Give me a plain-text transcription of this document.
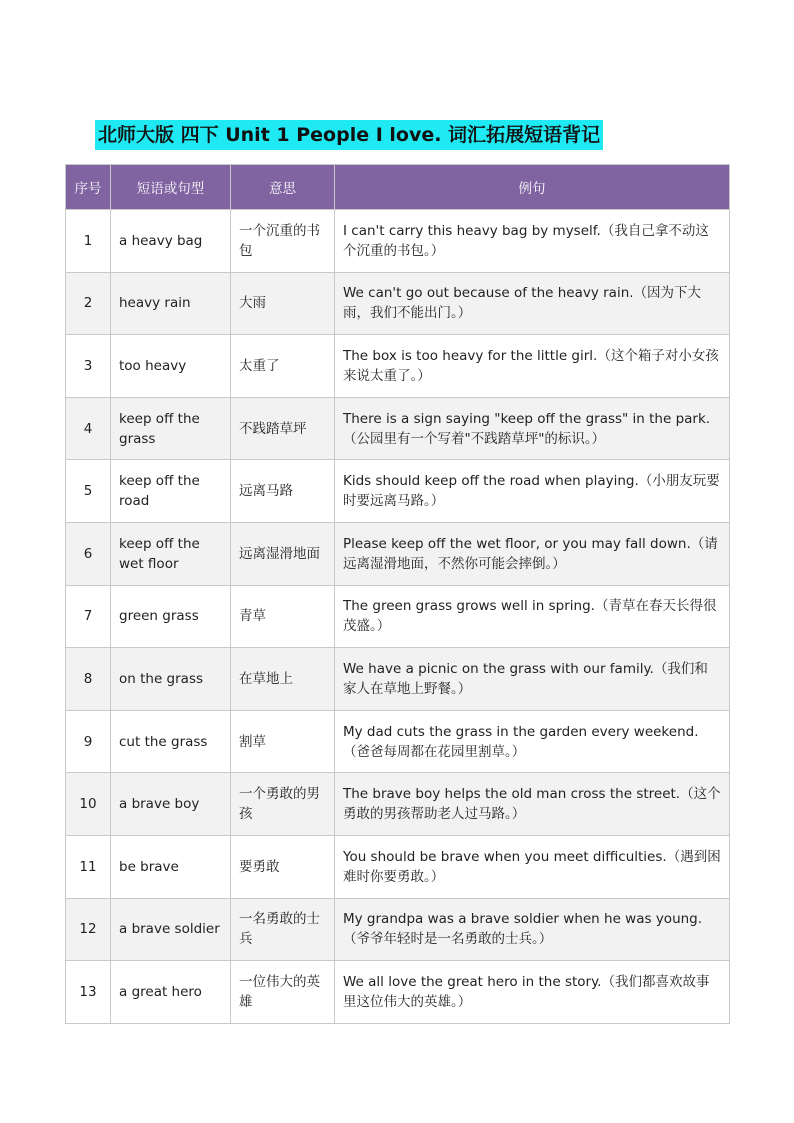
北师大版 四下 Unit 1 People I love. 词汇拓展短语背记
序号	短语或句型	意思	例句
1	a heavy bag	一个沉重的书包	I can't carry this heavy bag by myself.（我自己拿不动这个沉重的书包。）
2	heavy rain	大雨	We can't go out because of the heavy rain.（因为下大雨，我们不能出门。）
3	too heavy	太重了	The box is too heavy for the little girl.（这个箱子对小女孩来说太重了。）
4	keep off the grass	不践踏草坪	There is a sign saying "keep off the grass" in the park.（公园里有一个写着"不践踏草坪"的标识。）
5	keep off the road	远离马路	Kids should keep off the road when playing.（小朋友玩要时要远离马路。）
6	keep off the wet floor	远离湿滑地面	Please keep off the wet floor, or you may fall down.（请远离湿滑地面，不然你可能会摔倒。）
7	green grass	青草	The green grass grows well in spring.（青草在春天长得很茂盛。）
8	on the grass	在草地上	We have a picnic on the grass with our family.（我们和家人在草地上野餐。）
9	cut the grass	割草	My dad cuts the grass in the garden every weekend.（爸爸每周都在花园里割草。）
10	a brave boy	一个勇敢的男孩	The brave boy helps the old man cross the street.（这个勇敢的男孩帮助老人过马路。）
11	be brave	要勇敢	You should be brave when you meet difficulties.（遇到困难时你要勇敢。）
12	a brave soldier	一名勇敢的士兵	My grandpa was a brave soldier when he was young.（爷爷年轻时是一名勇敢的士兵。）
13	a great hero	一位伟大的英雄	We all love the great hero in the story.（我们都喜欢故事里这位伟大的英雄。）
